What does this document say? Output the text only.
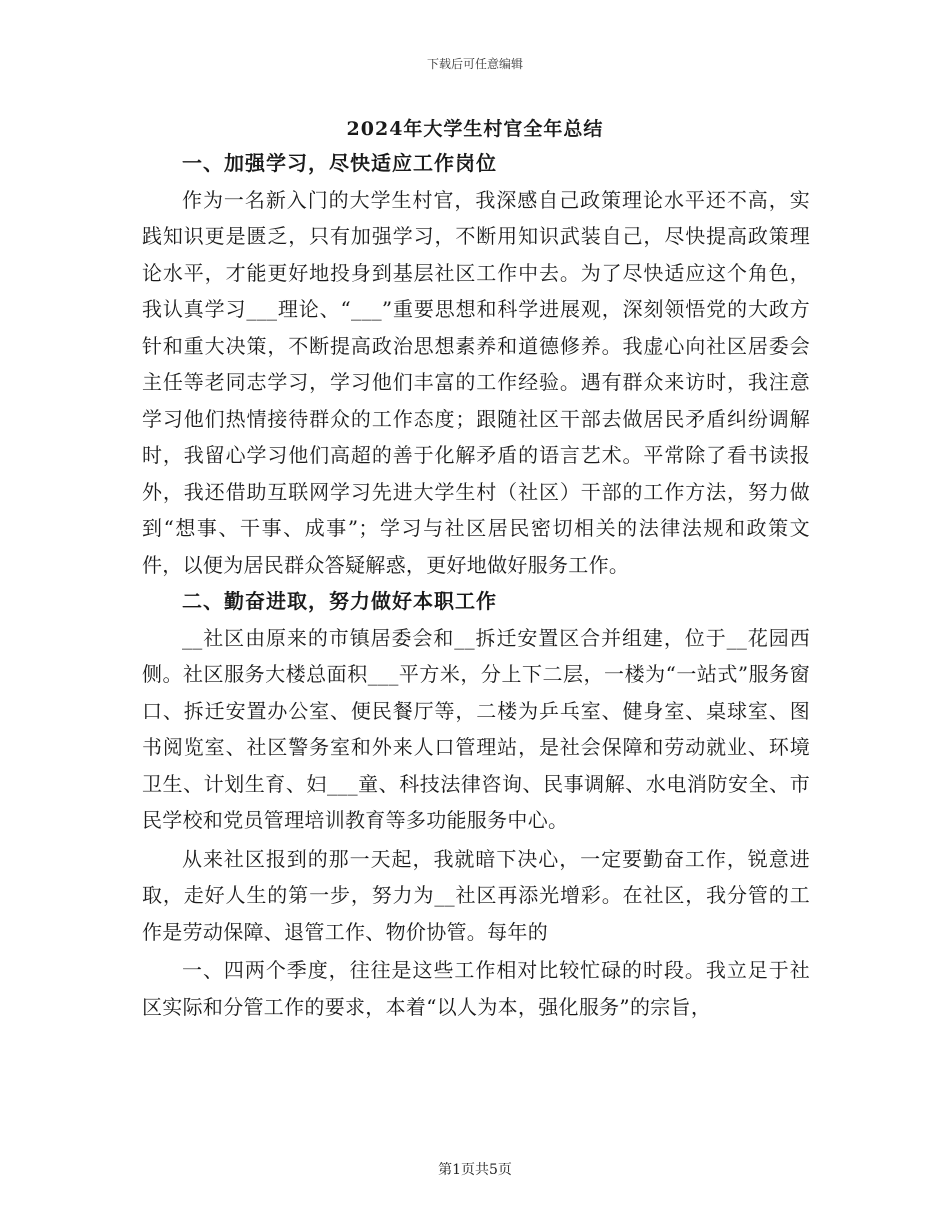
下载后可任意编辑
2024年大学生村官全年总结
一、加强学习，尽快适应工作岗位

作为一名新入门的大学生村官，我深感自己政策理论水平还不高，实践知识更是匮乏，只有加强学习，不断用知识武装自己，尽快提高政策理论水平，才能更好地投身到基层社区工作中去。为了尽快适应这个角色，我认真学习___理论、“___”重要思想和科学进展观，深刻领悟党的大政方针和重大决策，不断提高政治思想素养和道德修养。我虚心向社区居委会主任等老同志学习，学习他们丰富的工作经验。遇有群众来访时，我注意学习他们热情接待群众的工作态度；跟随社区干部去做居民矛盾纠纷调解时，我留心学习他们高超的善于化解矛盾的语言艺术。平常除了看书读报外，我还借助互联网学习先进大学生村（社区）干部的工作方法，努力做到“想事、干事、成事”；学习与社区居民密切相关的法律法规和政策文件，以便为居民群众答疑解惑，更好地做好服务工作。

二、勤奋进取，努力做好本职工作

__社区由原来的市镇居委会和__拆迁安置区合并组建，位于__花园西侧。社区服务大楼总面积___平方米，分上下二层，一楼为“一站式”服务窗口、拆迁安置办公室、便民餐厅等，二楼为乒乓室、健身室、桌球室、图书阅览室、社区警务室和外来人口管理站，是社会保障和劳动就业、环境卫生、计划生育、妇___童、科技法律咨询、民事调解、水电消防安全、市民学校和党员管理培训教育等多功能服务中心。

从来社区报到的那一天起，我就暗下决心，一定要勤奋工作，锐意进取，走好人生的第一步，努力为__社区再添光增彩。在社区，我分管的工作是劳动保障、退管工作、物价协管。每年的

一、四两个季度，往往是这些工作相对比较忙碌的时段。我立足于社区实际和分管工作的要求，本着“以人为本，强化服务”的宗旨，

第1页共5页
